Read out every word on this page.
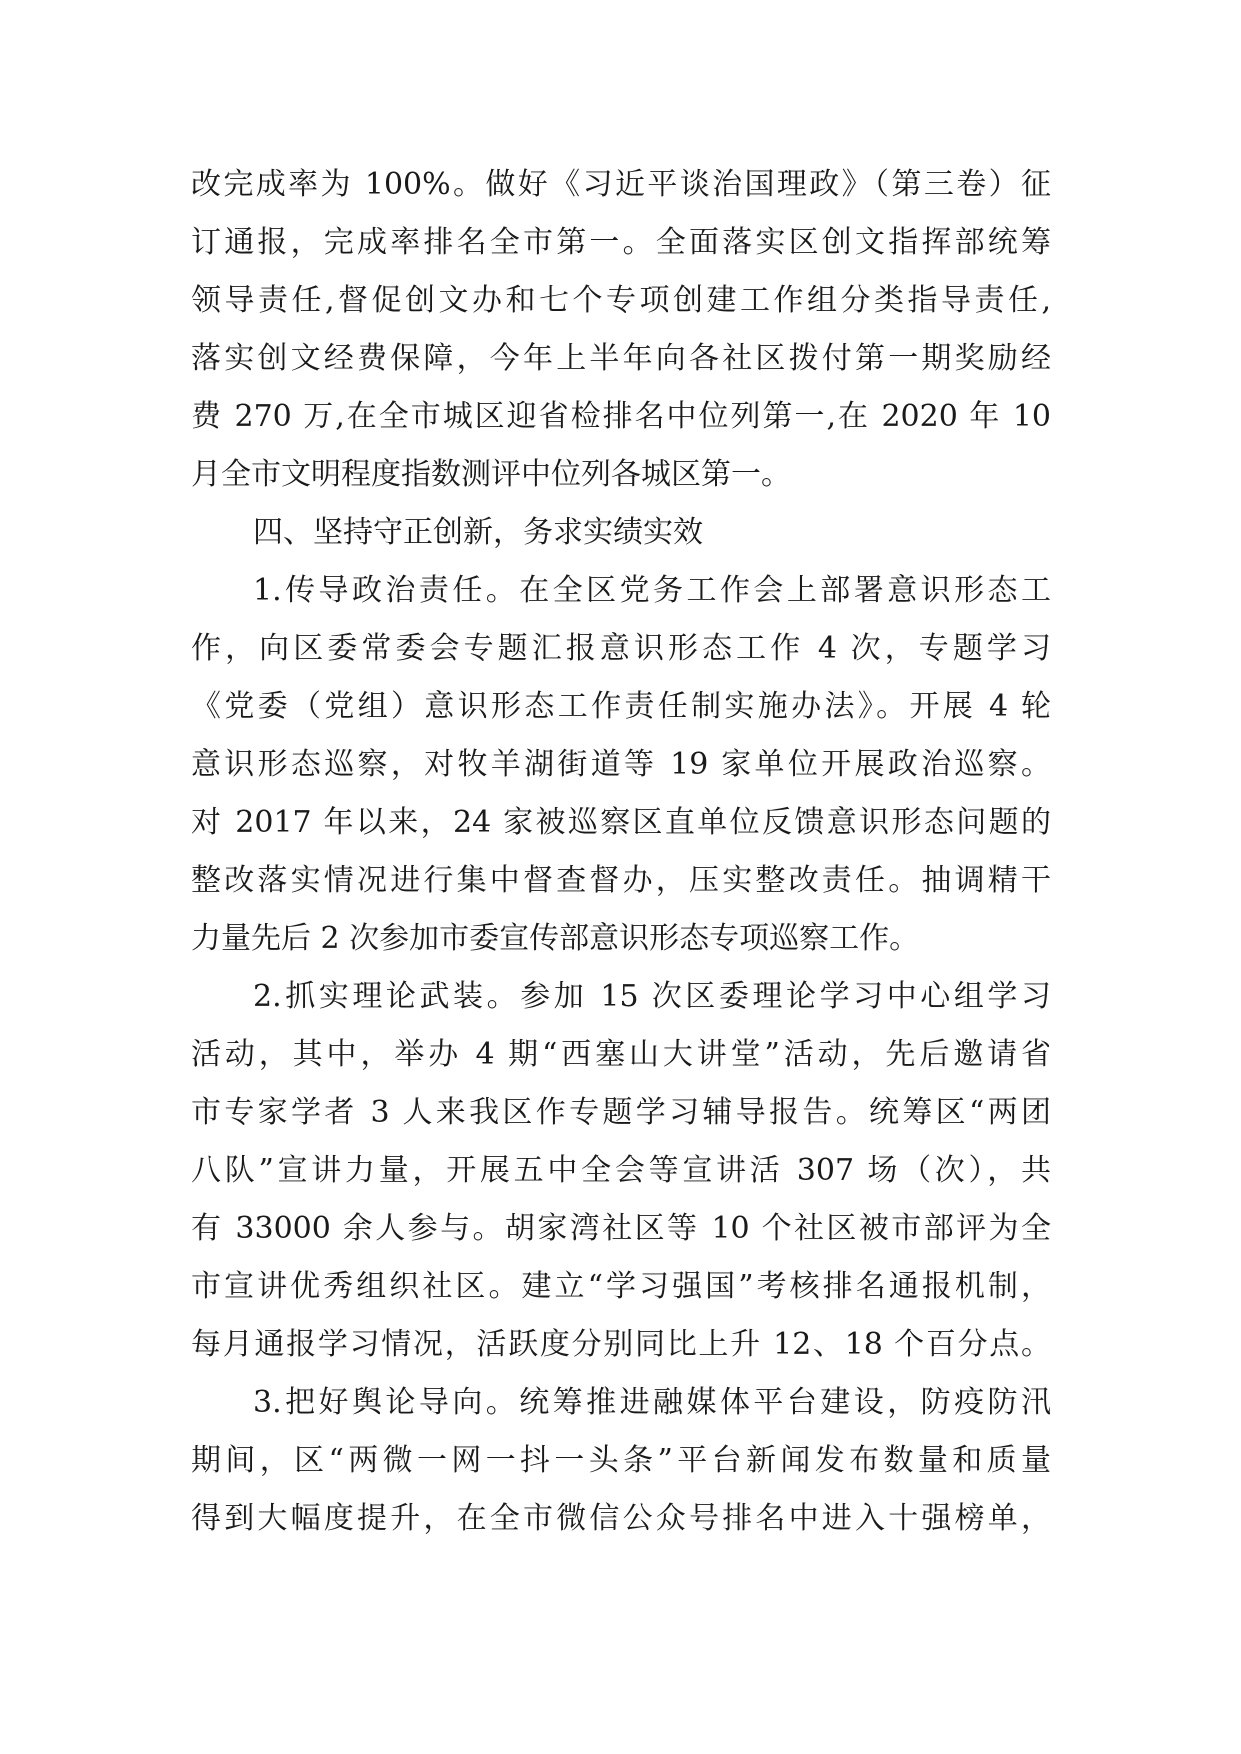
改完成率为 100%。做好《习近平谈治国理政》（第三卷）征
订通报，完成率排名全市第一。全面落实区创文指挥部统筹
领导责任,督促创文办和七个专项创建工作组分类指导责任,
落实创文经费保障，今年上半年向各社区拨付第一期奖励经
费 270 万,在全市城区迎省检排名中位列第一,在 2020 年 10
月全市文明程度指数测评中位列各城区第一。
四、坚持守正创新，务求实绩实效
1.传导政治责任。在全区党务工作会上部署意识形态工
作，向区委常委会专题汇报意识形态工作 4 次，专题学习
《党委（党组）意识形态工作责任制实施办法》。开展 4 轮
意识形态巡察，对牧羊湖街道等 19 家单位开展政治巡察。
对 2017 年以来，24 家被巡察区直单位反馈意识形态问题的
整改落实情况进行集中督查督办，压实整改责任。抽调精干
力量先后 2 次参加市委宣传部意识形态专项巡察工作。
2.抓实理论武装。参加 15 次区委理论学习中心组学习
活动，其中，举办 4 期“西塞山大讲堂”活动，先后邀请省
市专家学者 3 人来我区作专题学习辅导报告。统筹区“两团
八队”宣讲力量，开展五中全会等宣讲活 307 场（次），共
有 33000 余人参与。胡家湾社区等 10 个社区被市部评为全
市宣讲优秀组织社区。建立“学习强国”考核排名通报机制，
每月通报学习情况，活跃度分别同比上升 12、18 个百分点。
3.把好舆论导向。统筹推进融媒体平台建设，防疫防汛
期间，区“两微一网一抖一头条”平台新闻发布数量和质量
得到大幅度提升，在全市微信公众号排名中进入十强榜单，
